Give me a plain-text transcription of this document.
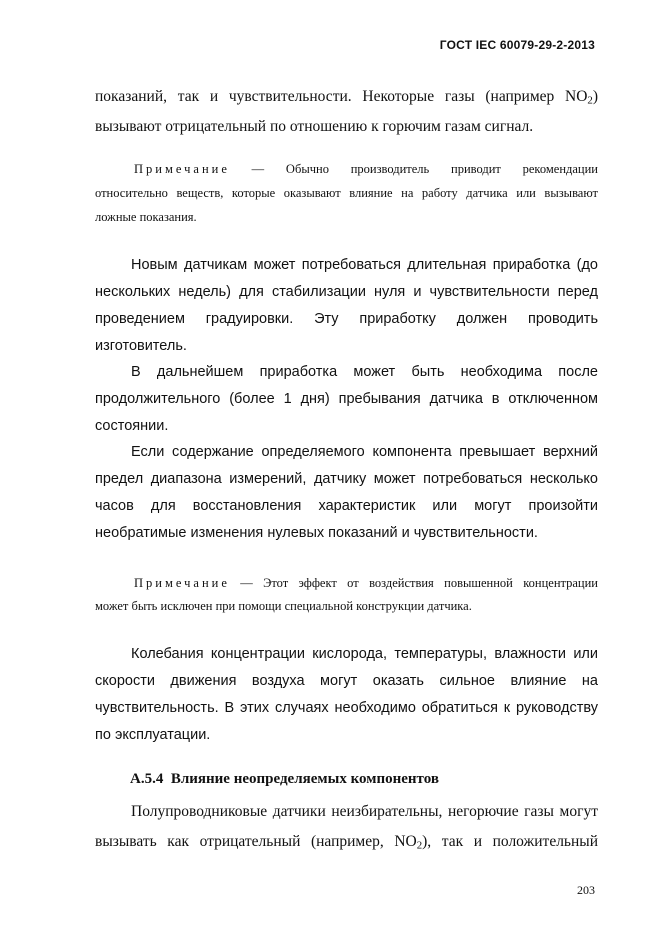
ГОСТ IEC 60079-29-2-2013
показаний, так и чувствительности. Некоторые газы (например $NO_2$)
вызывают отрицательный по отношению к горючим газам сигнал.
Примечание — Обычно производитель приводит рекомендации
относительно веществ, которые оказывают влияние на работу датчика или вызывают
ложные показания.
Новым датчикам может потребоваться длительная приработка (до
нескольких недель) для стабилизации нуля и чувствительности перед
проведением градуировки. Эту приработку должен проводить
изготовитель.
В дальнейшем приработка может быть необходима после
продолжительного (более 1 дня) пребывания датчика в отключенном
состоянии.
Если содержание определяемого компонента превышает верхний
предел диапазона измерений, датчику может потребоваться несколько
часов для восстановления характеристик или могут произойти
необратимые изменения нулевых показаний и чувствительности.
Примечание — Этот эффект от воздействия повышенной концентрации
может быть исключен при помощи специальной конструкции датчика.
Колебания концентрации кислорода, температуры, влажности или
скорости движения воздуха могут оказать сильное влияние на
чувствительность. В этих случаях необходимо обратиться к руководству
по эксплуатации.
А.5.4 Влияние неопределяемых компонентов
Полупроводниковые датчики неизбирательны, негорючие газы могут
вызывать как отрицательный (например, $NO_2$), так и положительный
203
